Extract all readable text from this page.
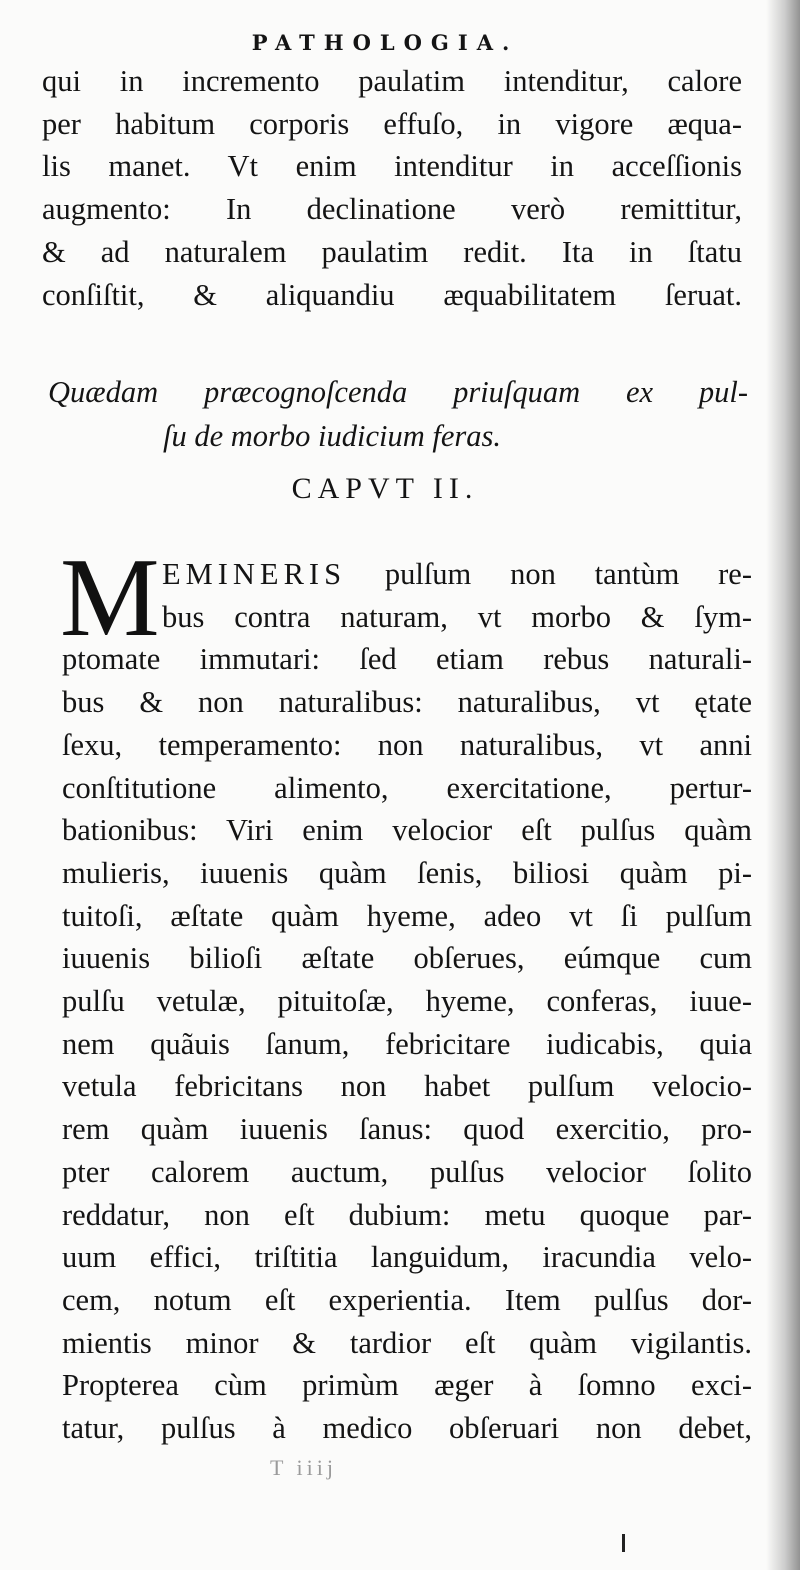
PATHOLOGIA.
qui in incremento paulatim intenditur, calore
per habitum corporis effuſo, in vigore æqua-
lis manet. Vt enim intenditur in acceſſionis
augmento: In declinatione verò remittitur,
& ad naturalem paulatim redit. Ita in ſtatu
conſiſtit, & aliquandiu æquabilitatem ſeruat.
Quædam præcognoſcenda priuſquam ex pul-
ſu de morbo iudicium feras.
CAPVT II.
M EMINERIS pulſum non tantùm re-
bus contra naturam, vt morbo & ſym-
ptomate immutari: ſed etiam rebus naturali-
bus & non naturalibus: naturalibus, vt ętate
ſexu, temperamento: non naturalibus, vt anni
conſtitutione alimento, exercitatione, pertur-
bationibus: Viri enim velocior eſt pulſus quàm
mulieris, iuuenis quàm ſenis, biliosi quàm pi-
tuitoſi, æſtate quàm hyeme, adeo vt ſi pulſum
iuuenis bilioſi æſtate obſerues, eúmque cum
pulſu vetulæ, pituitoſæ, hyeme, conferas, iuue-
nem quãuis ſanum, febricitare iudicabis, quia
vetula febricitans non habet pulſum velocio-
rem quàm iuuenis ſanus: quod exercitio, pro-
pter calorem auctum, pulſus velocior ſolito
reddatur, non eſt dubium: metu quoque par-
uum effici, triſtitia languidum, iracundia velo-
cem, notum eſt experientia. Item pulſus dor-
mientis minor & tardior eſt quàm vigilantis.
Propterea cùm primùm æger à ſomno exci-
tatur, pulſus à medico obſeruari non debet,
T iiij
